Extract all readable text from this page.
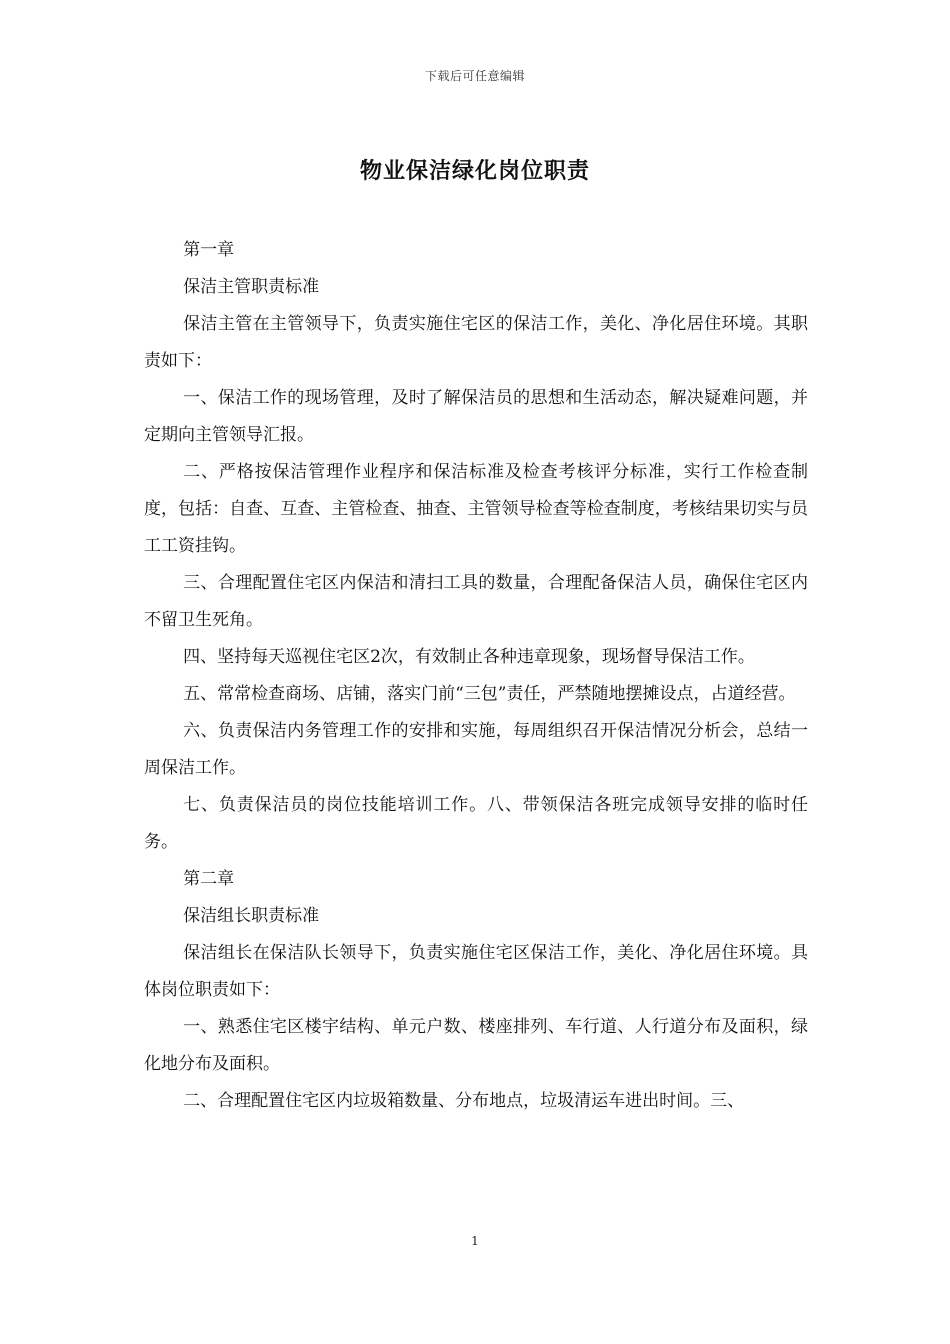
下载后可任意编辑
物业保洁绿化岗位职责

第一章

保洁主管职责标准

保洁主管在主管领导下，负责实施住宅区的保洁工作，美化、净化居住环境。其职责如下：

一、保洁工作的现场管理，及时了解保洁员的思想和生活动态，解决疑难问题，并定期向主管领导汇报。

二、严格按保洁管理作业程序和保洁标准及检查考核评分标准，实行工作检查制度，包括：自查、互查、主管检查、抽查、主管领导检查等检查制度，考核结果切实与员工工资挂钩。

三、合理配置住宅区内保洁和清扫工具的数量，合理配备保洁人员，确保住宅区内不留卫生死角。

四、坚持每天巡视住宅区2次，有效制止各种违章现象，现场督导保洁工作。

五、常常检查商场、店铺，落实门前“三包”责任，严禁随地摆摊设点，占道经营。

六、负责保洁内务管理工作的安排和实施，每周组织召开保洁情况分析会，总结一周保洁工作。

七、负责保洁员的岗位技能培训工作。八、带领保洁各班完成领导安排的临时任务。

第二章

保洁组长职责标准

保洁组长在保洁队长领导下，负责实施住宅区保洁工作，美化、净化居住环境。具体岗位职责如下：

一、熟悉住宅区楼宇结构、单元户数、楼座排列、车行道、人行道分布及面积，绿化地分布及面积。

二、合理配置住宅区内垃圾箱数量、分布地点，垃圾清运车进出时间。三、

1
